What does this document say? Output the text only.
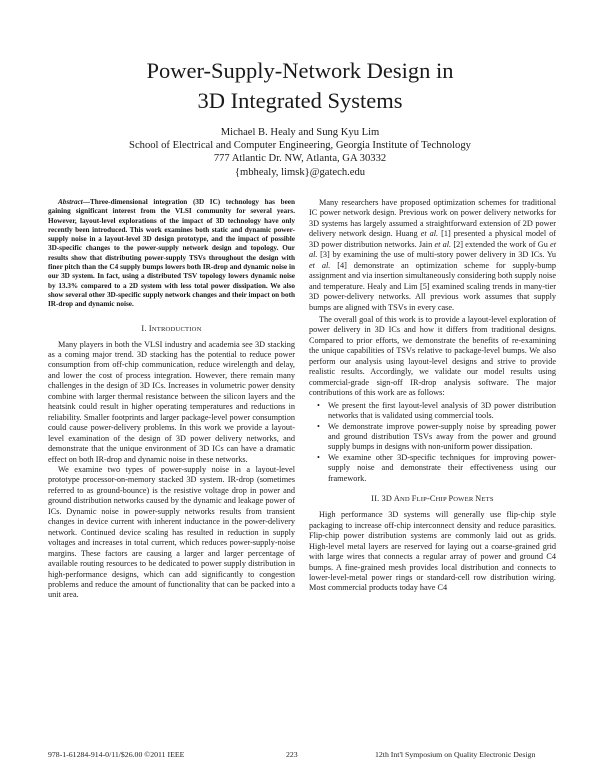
Power-Supply-Network Design in
3D Integrated Systems
Michael B. Healy and Sung Kyu Lim
School of Electrical and Computer Engineering, Georgia Institute of Technology
777 Atlantic Dr. NW, Atlanta, GA 30332
{mbhealy, limsk}@gatech.edu

Abstract—Three-dimensional integration (3D IC) technology has been gaining significant interest from the VLSI community for several years. However, layout-level explorations of the impact of 3D technology have only recently been introduced. This work examines both static and dynamic power-supply noise in a layout-level 3D design prototype, and the impact of possible 3D-specific changes to the power-supply network design and topology. Our results show that distributing power-supply TSVs throughout the design with finer pitch than the C4 supply bumps lowers both IR-drop and dynamic noise in our 3D system. In fact, using a distributed TSV topology lowers dynamic noise by 13.3% compared to a 2D system with less total power dissipation. We also show several other 3D-specific supply network changes and their impact on both IR-drop and dynamic noise.

I. INTRODUCTION

Many players in both the VLSI industry and academia see 3D stacking as a coming major trend. 3D stacking has the potential to reduce power consumption from off-chip communication, reduce wirelength and delay, and lower the cost of process integration. However, there remain many challenges in the design of 3D ICs. Increases in volumetric power density combine with larger thermal resistance between the silicon layers and the heatsink could result in higher operating temperatures and reductions in reliability. Smaller footprints and larger package-level power consumption could cause power-delivery problems. In this work we provide a layout-level examination of the design of 3D power delivery networks, and demonstrate that the unique environment of 3D ICs can have a dramatic effect on both IR-drop and dynamic noise in these networks.

We examine two types of power-supply noise in a layout-level prototype processor-on-memory stacked 3D system. IR-drop (sometimes referred to as ground-bounce) is the resistive voltage drop in power and ground distribution networks caused by the dynamic and leakage power of ICs. Dynamic noise in power-supply networks results from transient changes in device current with inherent inductance in the power-delivery network. Continued device scaling has resulted in reduction in supply voltages and increases in total current, which reduces power-supply-noise margins. These factors are causing a larger and larger percentage of available routing resources to be dedicated to power supply distribution in high-performance designs, which can add significantly to congestion problems and reduce the amount of functionality that can be packed into a unit area.

Many researchers have proposed optimization schemes for traditional IC power network design. Previous work on power delivery networks for 3D systems has largely assumed a straightforward extension of 2D power delivery network design. Huang et al. [1] presented a physical model of 3D power distribution networks. Jain et al. [2] extended the work of Gu et al. [3] by examining the use of multi-story power delivery in 3D ICs. Yu et al. [4] demonstrate an optimization scheme for supply-bump assignment and via insertion simultaneously considering both supply noise and temperature. Healy and Lim [5] examined scaling trends in many-tier 3D power-delivery networks. All previous work assumes that supply bumps are aligned with TSVs in every case.

The overall goal of this work is to provide a layout-level exploration of power delivery in 3D ICs and how it differs from traditional designs. Compared to prior efforts, we demonstrate the benefits of re-examining the unique capabilities of TSVs relative to package-level bumps. We also perform our analysis using layout-level designs and strive to provide realistic results. Accordingly, we validate our model results using commercial-grade sign-off IR-drop analysis software. The major contributions of this work are as follows:

• We present the first layout-level analysis of 3D power distribution networks that is validated using commercial tools.
• We demonstrate improve power-supply noise by spreading power and ground distribution TSVs away from the power and ground supply bumps in designs with non-uniform power dissipation.
• We examine other 3D-specific techniques for improving power-supply noise and demonstrate their effectiveness using our framework.
II. 3D AND FLIP-CHIP POWER NETS

High performance 3D systems will generally use flip-chip style packaging to increase off-chip interconnect density and reduce parasitics. Flip-chip power distribution systems are commonly laid out as grids. High-level metal layers are reserved for laying out a coarse-grained grid with large wires that connects a regular array of power and ground C4 bumps. A fine-grained mesh provides local distribution and connects to lower-level-metal power rings or standard-cell row distribution wiring. Most commercial products today have C4

978-1-61284-914-0/11/$26.00 ©2011 IEEE	223	12th Int'l Symposium on Quality Electronic Design
